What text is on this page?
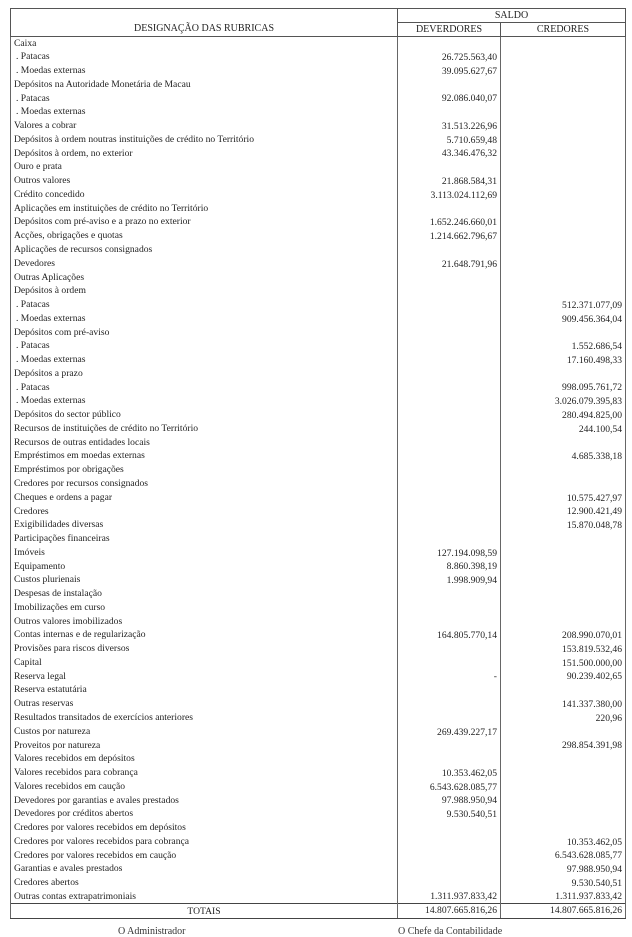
DESIGNAÇÃO DAS RUBRICAS	SALDO	
	DEVERDORES	CREDORES
Caixa		
. Patacas	26.725.563,40	
. Moedas externas	39.095.627,67	
Depósitos na Autoridade Monetária de Macau		
. Patacas	92.086.040,07	
. Moedas externas		
Valores a cobrar	31.513.226,96	
Depósitos à ordem noutras instituições de crédito no Território	5.710.659,48	
Depósitos à ordem, no exterior	43.346.476,32	
Ouro e prata		
Outros valores	21.868.584,31	
Crédito concedido	3.113.024.112,69	
Aplicações em instituições de crédito no Território		
Depósitos com pré-aviso e a prazo no exterior	1.652.246.660,01	
Acções, obrigações e quotas	1.214.662.796,67	
Aplicações de recursos consignados		
Devedores	21.648.791,96	
Outras Aplicações		
Depósitos à ordem		
. Patacas		512.371.077,09
. Moedas externas		909.456.364,04
Depósitos com pré-aviso		
. Patacas		1.552.686,54
. Moedas externas		17.160.498,33
Depósitos a prazo		
. Patacas		998.095.761,72
. Moedas externas		3.026.079.395,83
Depósitos do sector público		280.494.825,00
Recursos de instituições de crédito no Território		244.100,54
Recursos de outras entidades locais		
Empréstimos em moedas externas		4.685.338,18
Empréstimos por obrigações		
Credores por recursos consignados		
Cheques e ordens a pagar		10.575.427,97
Credores		12.900.421,49
Exigibilidades diversas		15.870.048,78
Participações financeiras		
Imóveis	127.194.098,59	
Equipamento	8.860.398,19	
Custos plurienais	1.998.909,94	
Despesas de instalação		
Imobilizações em curso		
Outros valores imobilizados		
Contas internas e de regularização	164.805.770,14	208.990.070,01
Provisões para riscos diversos		153.819.532,46
Capital		151.500.000,00
Reserva legal	-	90.239.402,65
Reserva estatutária		
Outras reservas		141.337.380,00
Resultados transitados de exercícios anteriores		220,96
Custos por natureza	269.439.227,17	
Proveitos por natureza		298.854.391,98
Valores recebidos em depósitos		
Valores recebidos para cobrança	10.353.462,05	
Valores recebidos em caução	6.543.628.085,77	
Devedores por garantias e avales prestados	97.988.950,94	
Devedores por créditos abertos	9.530.540,51	
Credores por valores recebidos em depósitos		
Credores por valores recebidos para cobrança		10.353.462,05
Credores por valores recebidos em caução		6.543.628.085,77
Garantias e avales prestados		97.988.950,94
Credores abertos		9.530.540,51
Outras contas extrapatrimoniais	1.311.937.833,42	1.311.937.833,42
TOTAIS	14.807.665.816,26	14.807.665.816,26
O Administrador	O Chefe da Contabilidade
